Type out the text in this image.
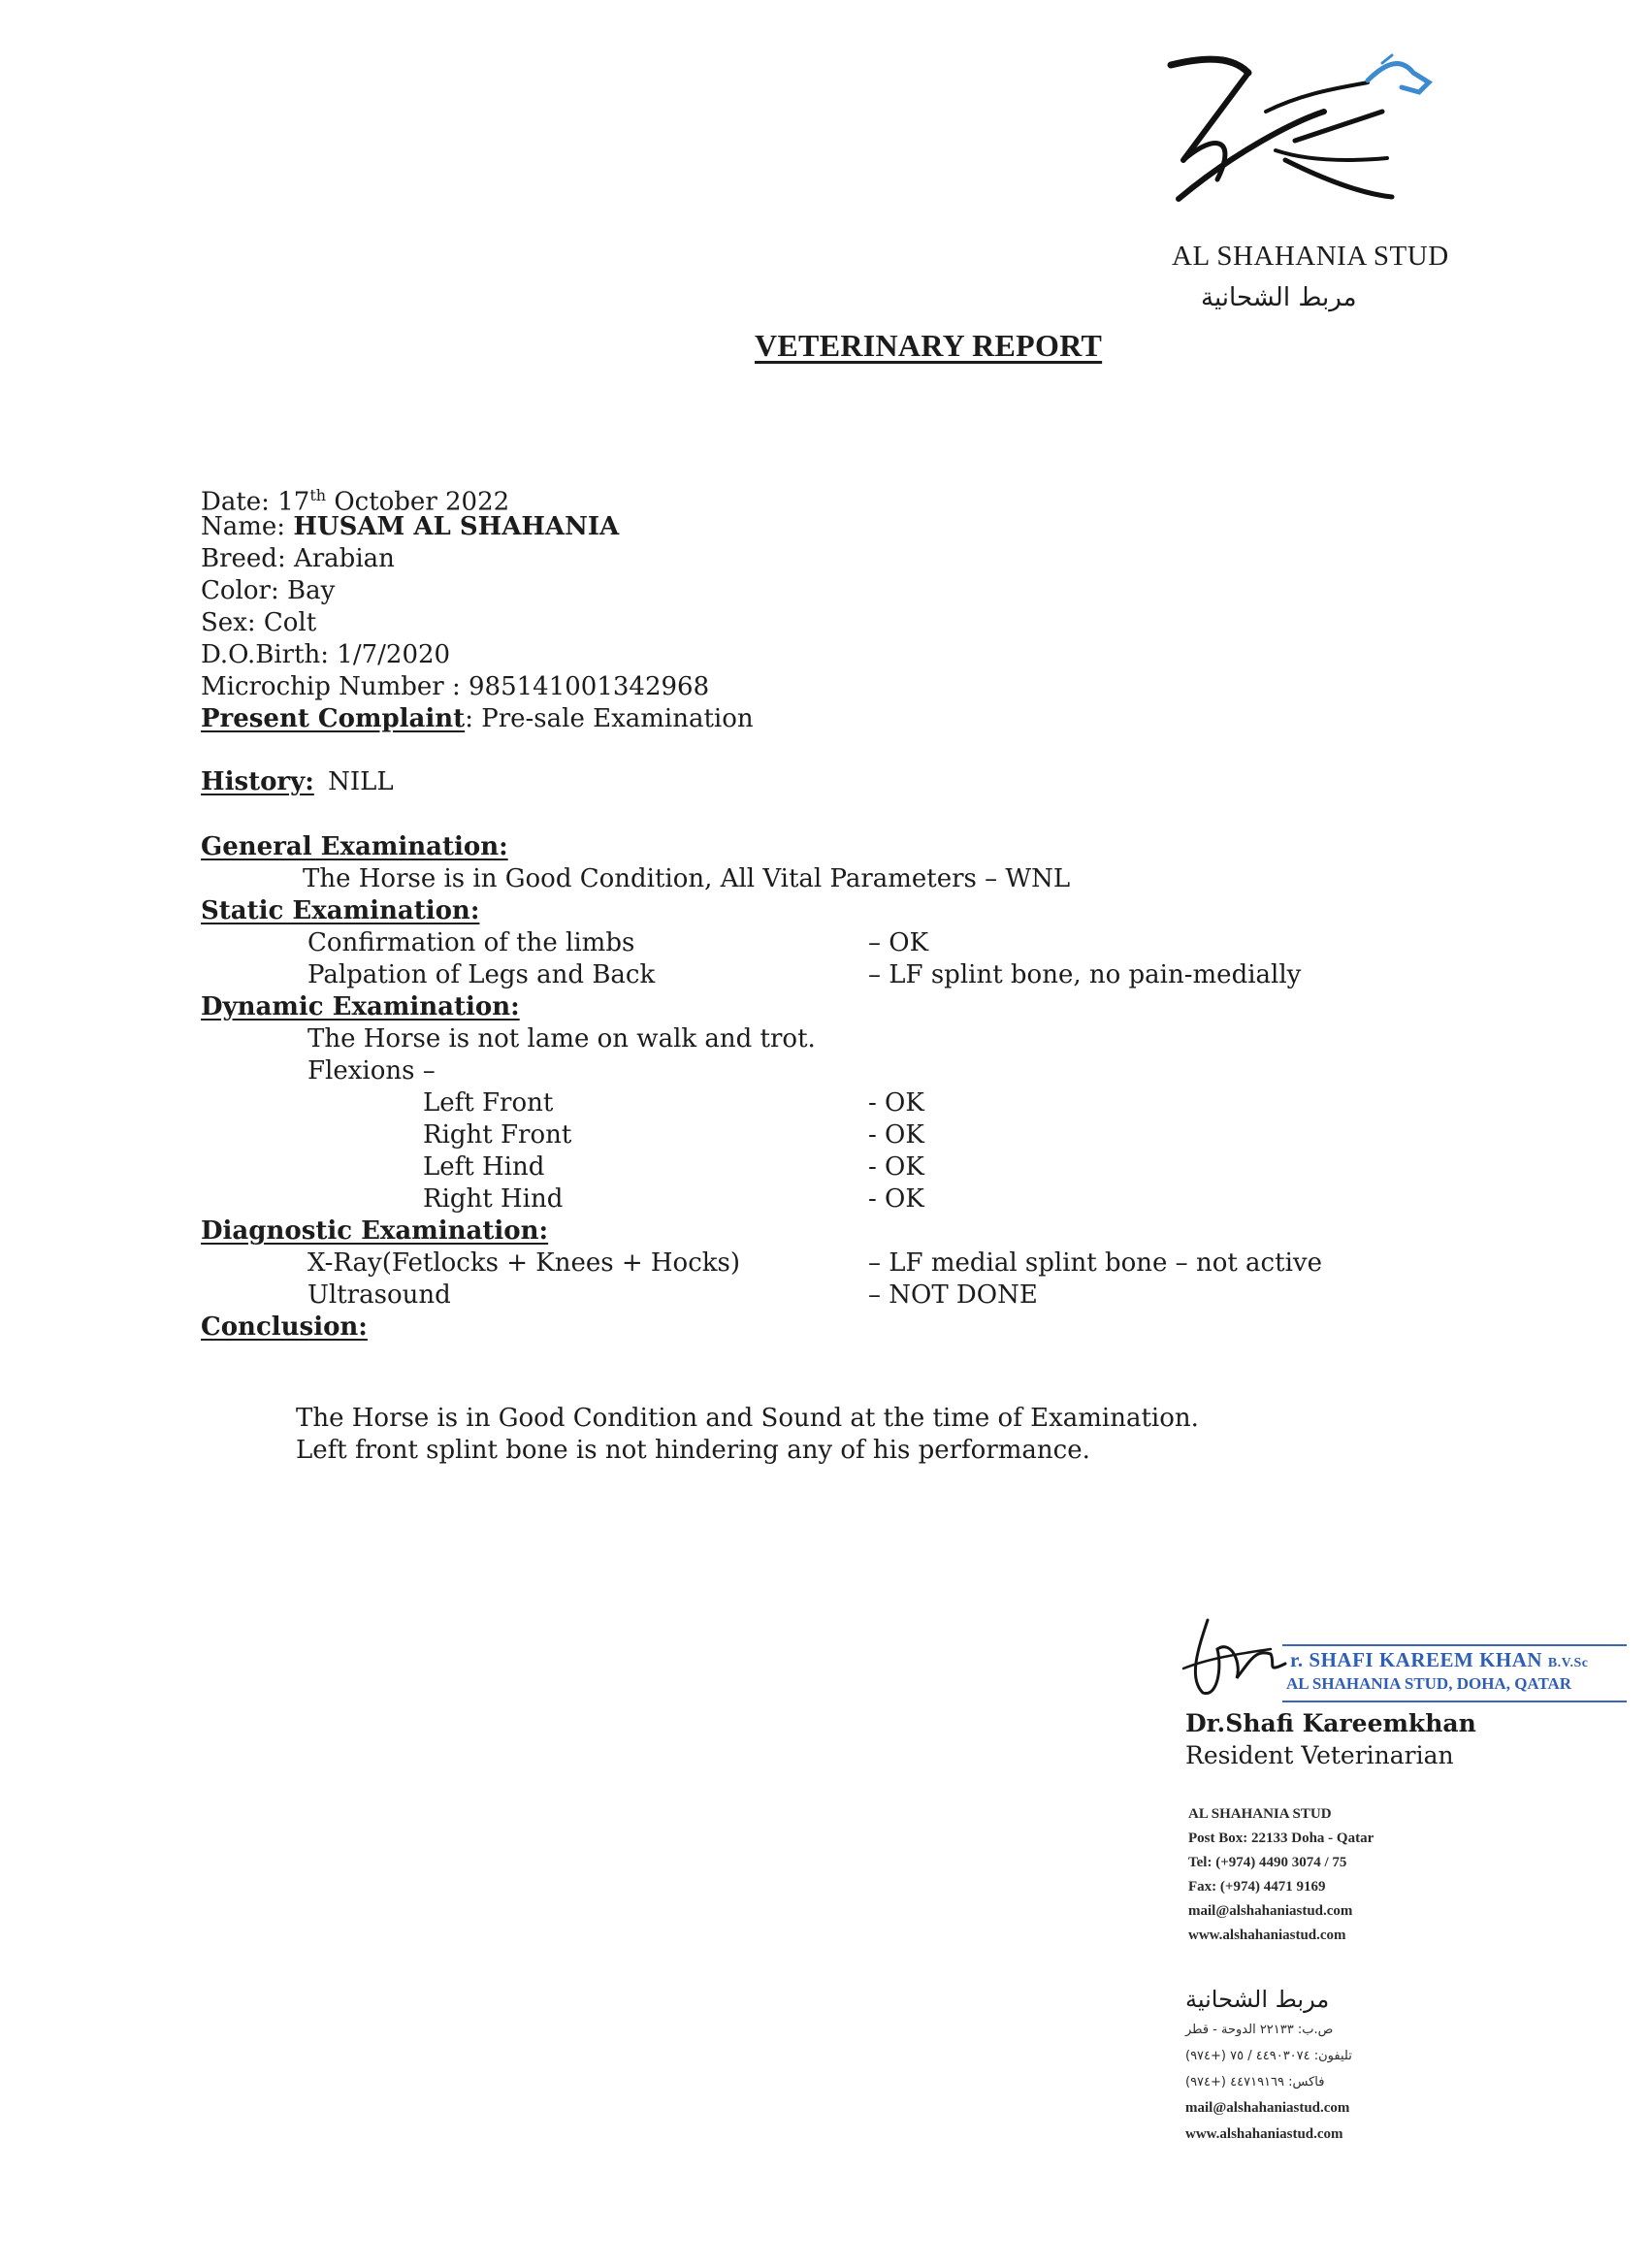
AL SHAHANIA STUD
مربط الشحانية
VETERINARY REPORT
Date: 17th October 2022
Name: HUSAM AL SHAHANIA
Breed: Arabian
Color: Bay
Sex: Colt
D.O.Birth: 1/7/2020
Microchip Number : 985141001342968
Present Complaint: Pre-sale Examination
History: NILL
General Examination:
The Horse is in Good Condition, All Vital Parameters – WNL
Static Examination:
Confirmation of the limbs	– OK
Palpation of Legs and Back	– LF splint bone, no pain-medially
Dynamic Examination:
The Horse is not lame on walk and trot.
Flexions –
Left Front	- OK
Right Front	- OK
Left Hind	- OK
Right Hind	- OK
Diagnostic Examination:
X-Ray(Fetlocks + Knees + Hocks)	– LF medial splint bone – not active
Ultrasound	– NOT DONE
Conclusion:
The Horse is in Good Condition and Sound at the time of Examination.
Left front splint bone is not hindering any of his performance.
r. SHAFI KAREEM KHAN B.V.Sc
AL SHAHANIA STUD, DOHA, QATAR
Dr.Shafi Kareemkhan
Resident Veterinarian
AL SHAHANIA STUD
Post Box: 22133 Doha - Qatar
Tel: (+974) 4490 3074 / 75
Fax: (+974) 4471 9169
mail@alshahaniastud.com
www.alshahaniastud.com
مربط الشحانية
ص.ب: ٢٢١٣٣ الدوحة - قطر
تليفون: ٤٤٩٠٣٠٧٤ / ٧٥ (+٩٧٤)
فاكس: ٤٤٧١٩١٦٩ (+٩٧٤)
mail@alshahaniastud.com
www.alshahaniastud.com
